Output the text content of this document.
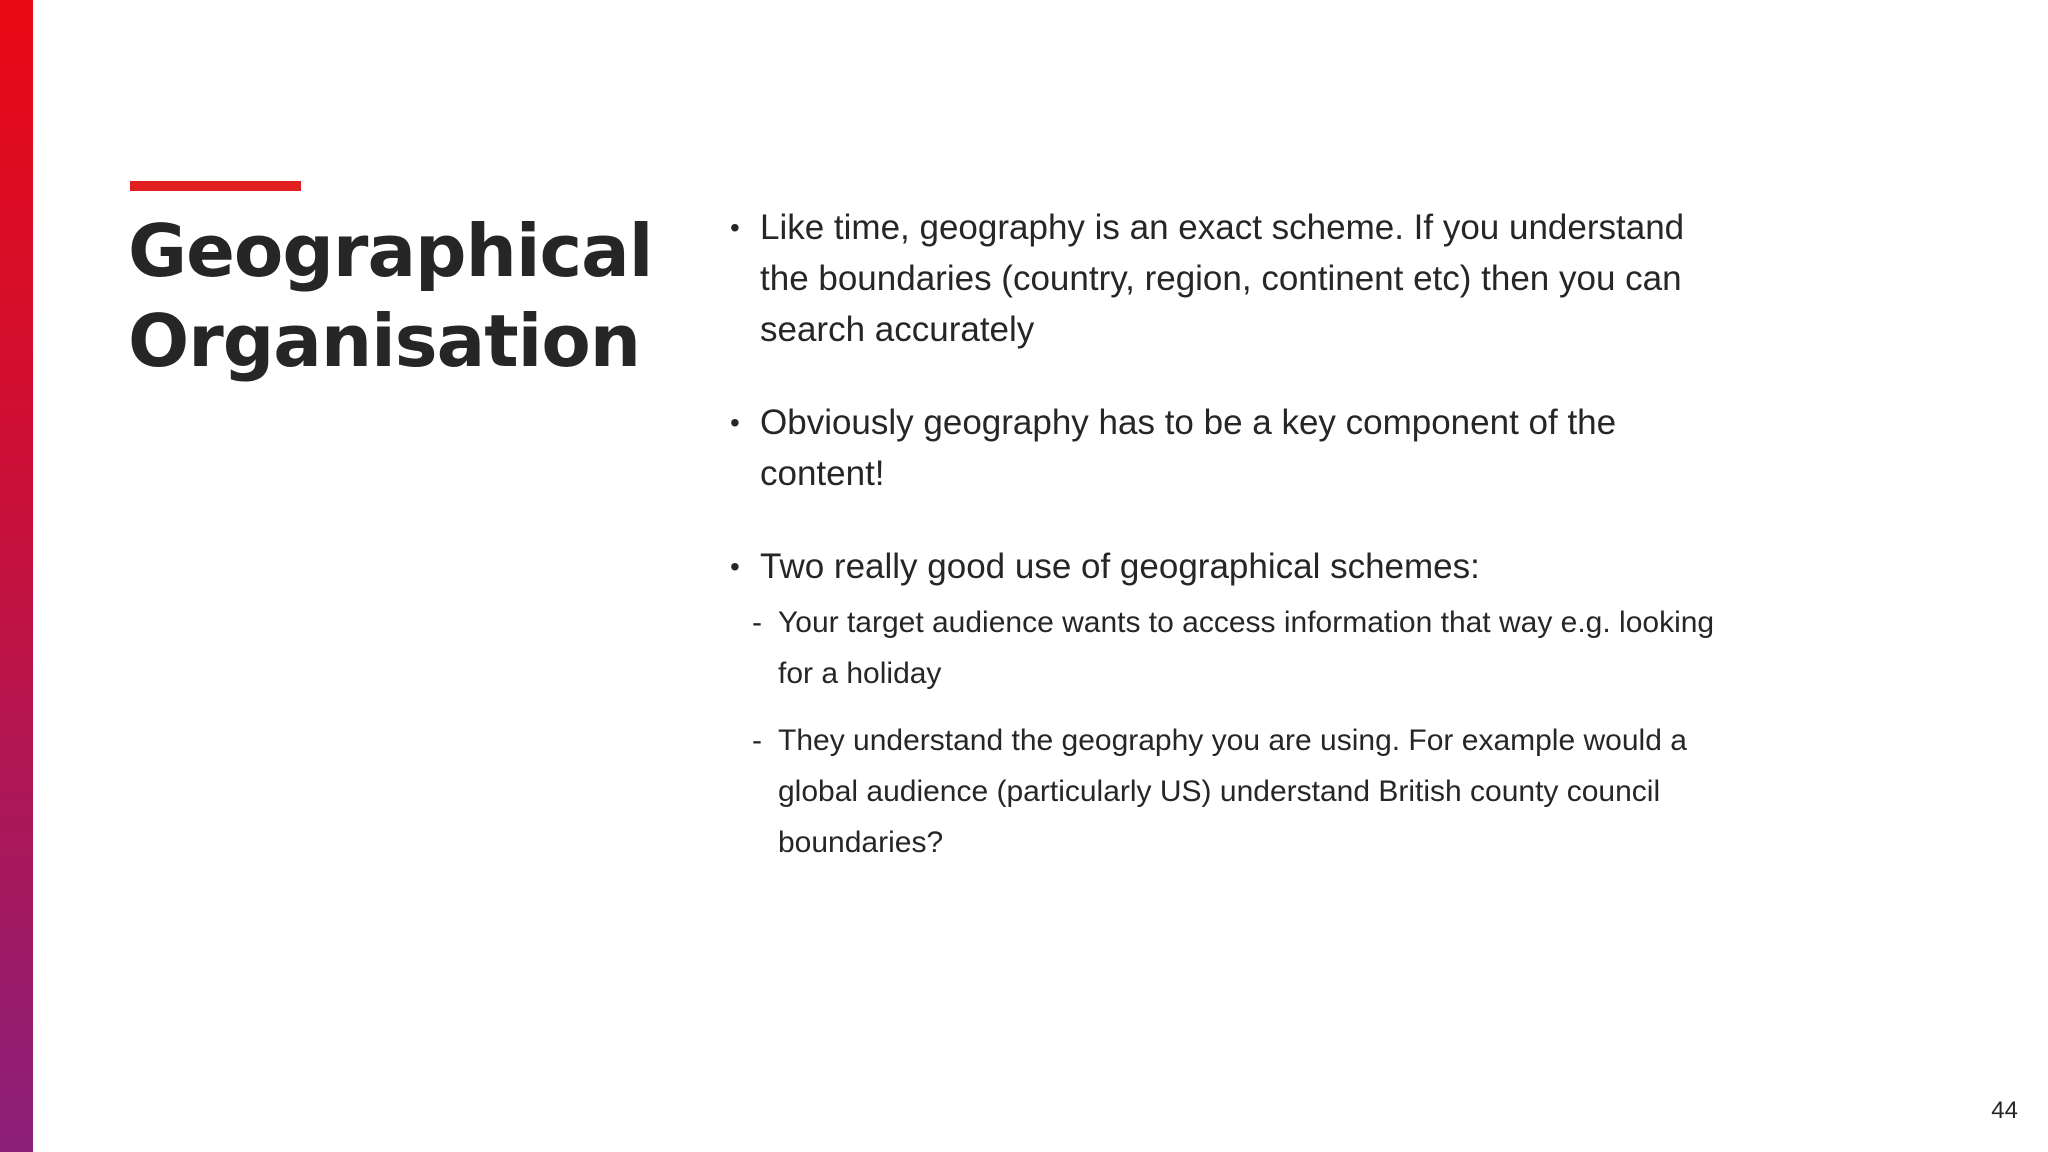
Geographical Organisation
• Like time, geography is an exact scheme. If you understand the boundaries (country, region, continent etc) then you can search accurately
• Obviously geography has to be a key component of the content!
• Two really good use of geographical schemes:
- Your target audience wants to access information that way e.g. looking for a holiday
- They understand the geography you are using. For example would a global audience (particularly US) understand British county council boundaries?
44
